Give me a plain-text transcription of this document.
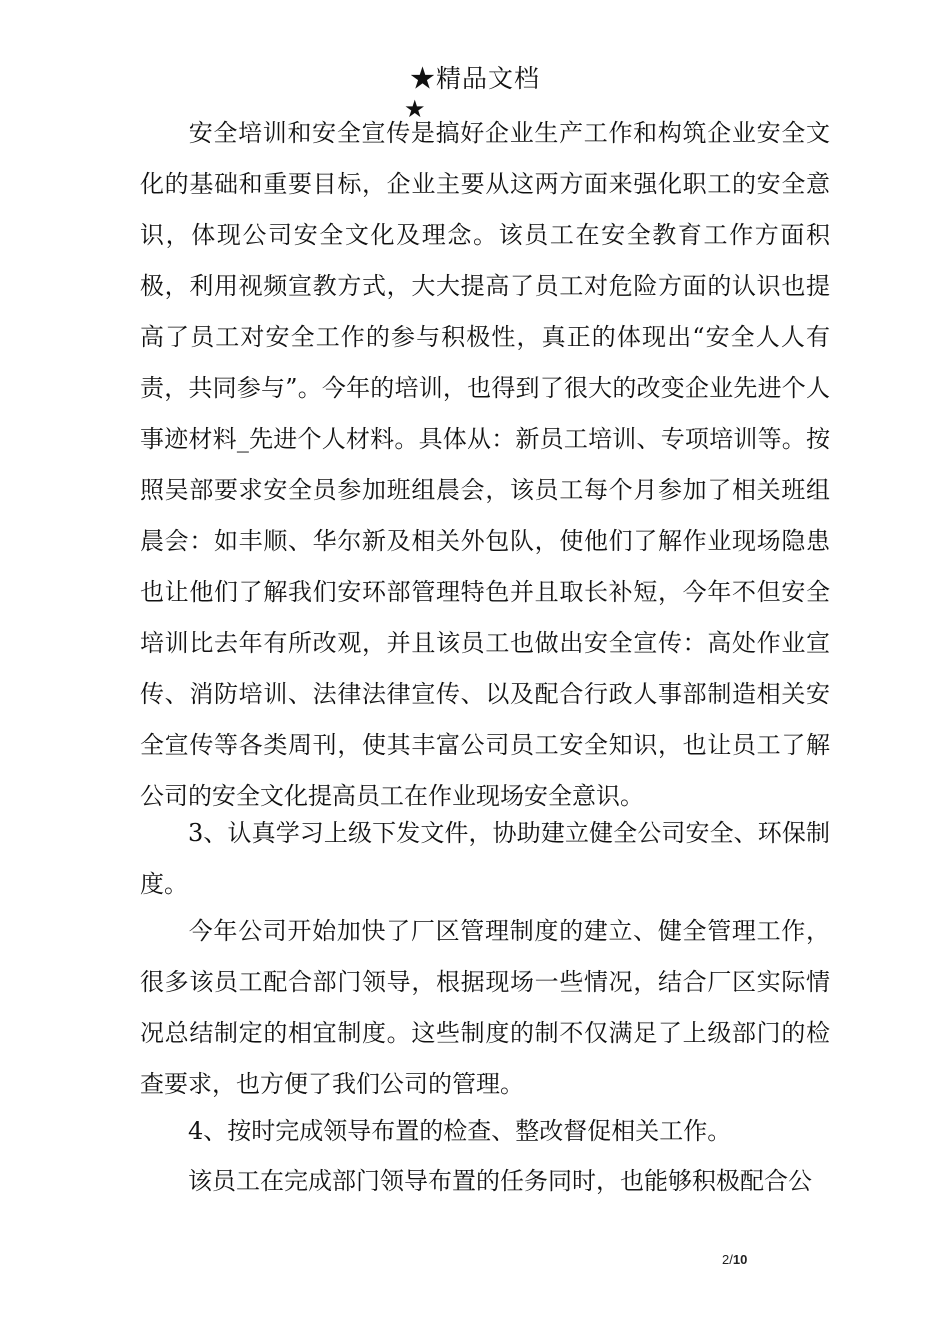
★精品文档
★

安全培训和安全宣传是搞好企业生产工作和构筑企业安全文化的基础和重要目标，企业主要从这两方面来强化职工的安全意识，体现公司安全文化及理念。该员工在安全教育工作方面积极，利用视频宣教方式，大大提高了员工对危险方面的认识也提高了员工对安全工作的参与积极性，真正的体现出“安全人人有责，共同参与”。今年的培训，也得到了很大的改变企业先进个人事迹材料_先进个人材料。具体从：新员工培训、专项培训等。按照吴部要求安全员参加班组晨会，该员工每个月参加了相关班组晨会：如丰顺、华尔新及相关外包队，使他们了解作业现场隐患也让他们了解我们安环部管理特色并且取长补短，今年不但安全培训比去年有所改观，并且该员工也做出安全宣传：高处作业宣传、消防培训、法律法律宣传、以及配合行政人事部制造相关安全宣传等各类周刊，使其丰富公司员工安全知识，也让员工了解公司的安全文化提高员工在作业现场安全意识。

3、认真学习上级下发文件，协助建立健全公司安全、环保制度。

今年公司开始加快了厂区管理制度的建立、健全管理工作，很多该员工配合部门领导，根据现场一些情况，结合厂区实际情况总结制定的相宜制度。这些制度的制不仅满足了上级部门的检查要求，也方便了我们公司的管理。

4、按时完成领导布置的检查、整改督促相关工作。

该员工在完成部门领导布置的任务同时，也能够积极配合公

2/10
